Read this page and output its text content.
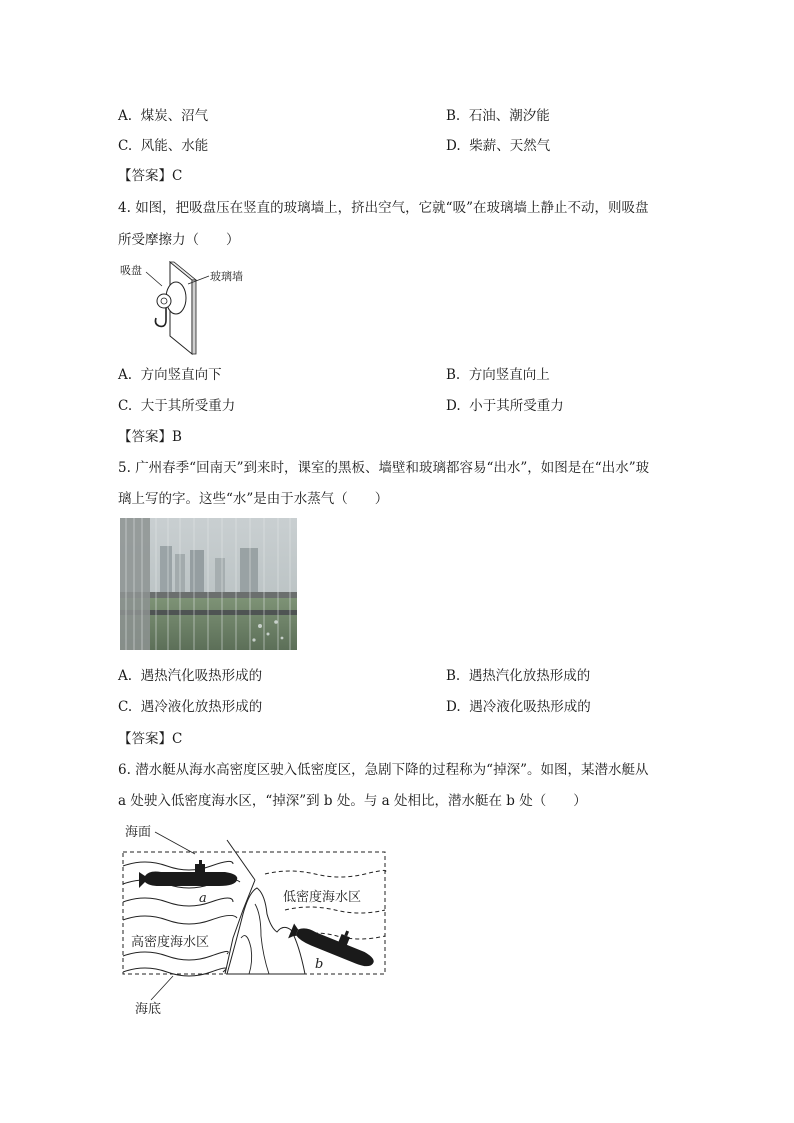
A. 煤炭、沼气	B. 石油、潮汐能
C. 风能、水能	D. 柴薪、天然气
【答案】C
4. 如图，把吸盘压在竖直的玻璃墙上，挤出空气，它就“吸”在玻璃墙上静止不动，则吸盘
所受摩擦力（　　）
吸盘	玻璃墙
A. 方向竖直向下	B. 方向竖直向上
C. 大于其所受重力	D. 小于其所受重力
【答案】B
5. 广州春季“回南天”到来时，课室的黑板、墙壁和玻璃都容易“出水”，如图是在“出水”玻
璃上写的字。这些“水”是由于水蒸气（　　）
A. 遇热汽化吸热形成的	B. 遇热汽化放热形成的
C. 遇冷液化放热形成的	D. 遇冷液化吸热形成的
【答案】C
6. 潜水艇从海水高密度区驶入低密度区，急剧下降的过程称为“掉深”。如图，某潜水艇从
a 处驶入低密度海水区，“掉深”到 b 处。与 a 处相比，潜水艇在 b 处（　　）
海面
海底
a
b
低密度海水区
高密度海水区
